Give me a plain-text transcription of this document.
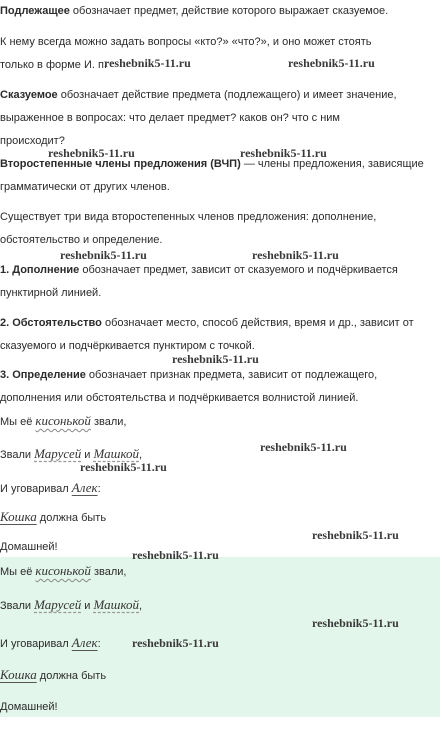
Подлежащее обозначает предмет, действие которого выражает сказуемое.
К нему всегда можно задать вопросы «кто?» «что?», и оно может стоять
только в форме И. п.
Сказуемое обозначает действие предмета (подлежащего) и имеет значение,
выраженное в вопросах: что делает предмет? каков он? что с ним
происходит?
Второстепенные члены предложения (ВЧП) — члены предложения, зависящие
грамматически от других членов.
Существует три вида второстепенных членов предложения: дополнение,
обстоятельство и определение.
1. Дополнение обозначает предмет, зависит от сказуемого и подчёркивается
пунктирной линией.
2. Обстоятельство обозначает место, способ действия, время и др., зависит от
сказуемого и подчёркивается пунктиром с точкой.
3. Определение обозначает признак предмета, зависит от подлежащего,
дополнения или обстоятельства и подчёркивается волнистой линией.
Мы её кисонькой звали,
Звали Марусей и Машкой,
И уговаривал Алек:
Кошка должна быть
Домашней!
Мы её кисонькой звали,
Звали Марусей и Машкой,
И уговаривал Алек:
Кошка должна быть
Домашней!
reshebnik5-11.ru	reshebnik5-11.ru
reshebnik5-11.ru	reshebnik5-11.ru
reshebnik5-11.ru	reshebnik5-11.ru
reshebnik5-11.ru
reshebnik5-11.ru
reshebnik5-11.ru
reshebnik5-11.ru
reshebnik5-11.ru
reshebnik5-11.ru
reshebnik5-11.ru
